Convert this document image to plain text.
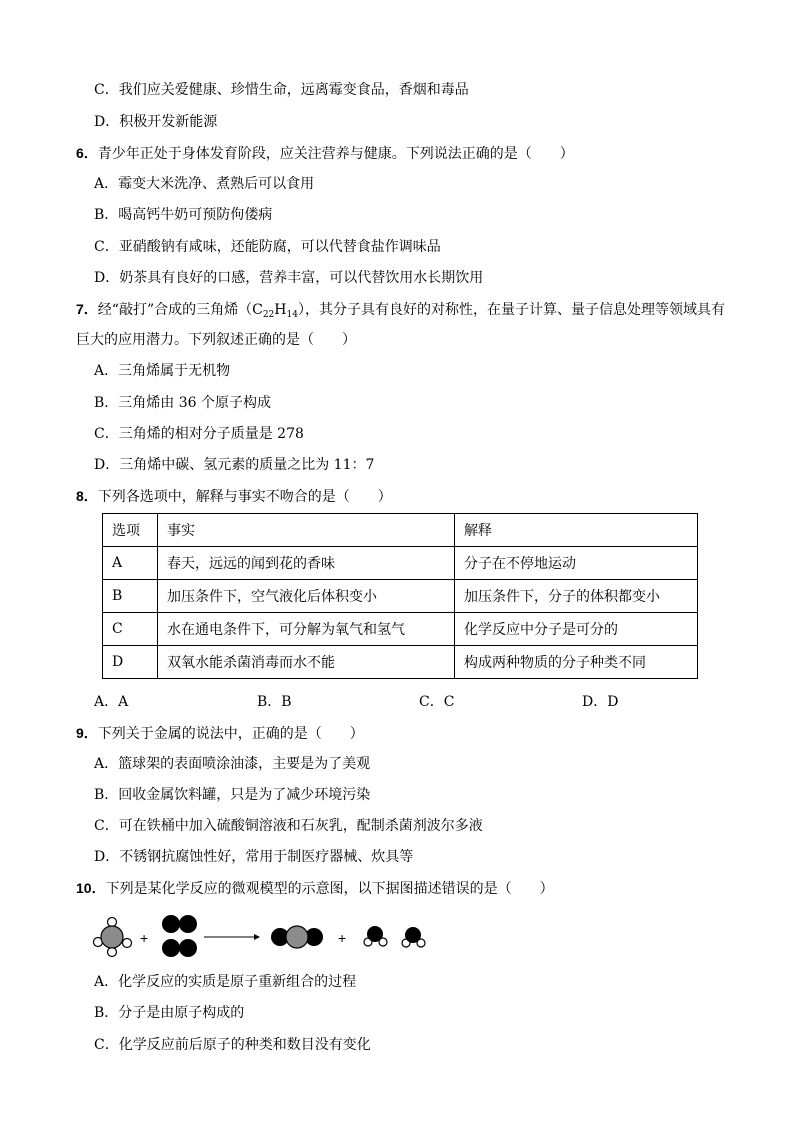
C．我们应关爱健康、珍惜生命，远离霉变食品，香烟和毒品
D．积极开发新能源
6．青少年正处于身体发育阶段，应关注营养与健康。下列说法正确的是（　　）
A．霉变大米洗净、煮熟后可以食用
B．喝高钙牛奶可预防佝偻病
C．亚硝酸钠有咸味，还能防腐，可以代替食盐作调味品
D．奶茶具有良好的口感，营养丰富，可以代替饮用水长期饮用
7．经“敲打”合成的三角烯$(C_{22}H_{14})$，其分子具有良好的对称性，在量子计算、量子信息处理等领域具有
巨大的应用潜力。下列叙述正确的是（　　）
A．三角烯属于无机物
B．三角烯由 36 个原子构成
C．三角烯的相对分子质量是 278
D．三角烯中碳、氢元素的质量之比为 11：7
8．下列各选项中，解释与事实不吻合的是（　　）
选项	事实	解释
A	春天，远远的闻到花的香味	分子在不停地运动
B	加压条件下，空气液化后体积变小	加压条件下，分子的体积都变小
C	水在通电条件下，可分解为氧气和氢气	化学反应中分子是可分的
D	双氧水能杀菌消毒而水不能	构成两种物质的分子种类不同
A．A	B．B	C．C	D．D
9．下列关于金属的说法中，正确的是（　　）
A．篮球架的表面喷涂油漆，主要是为了美观
B．回收金属饮料罐，只是为了减少环境污染
C．可在铁桶中加入硫酸铜溶液和石灰乳，配制杀菌剂波尔多液
D．不锈钢抗腐蚀性好，常用于制医疗器械、炊具等
10．下列是某化学反应的微观模型的示意图，以下据图描述错误的是（　　）
+	+
A．化学反应的实质是原子重新组合的过程
B．分子是由原子构成的
C．化学反应前后原子的种类和数目没有变化
